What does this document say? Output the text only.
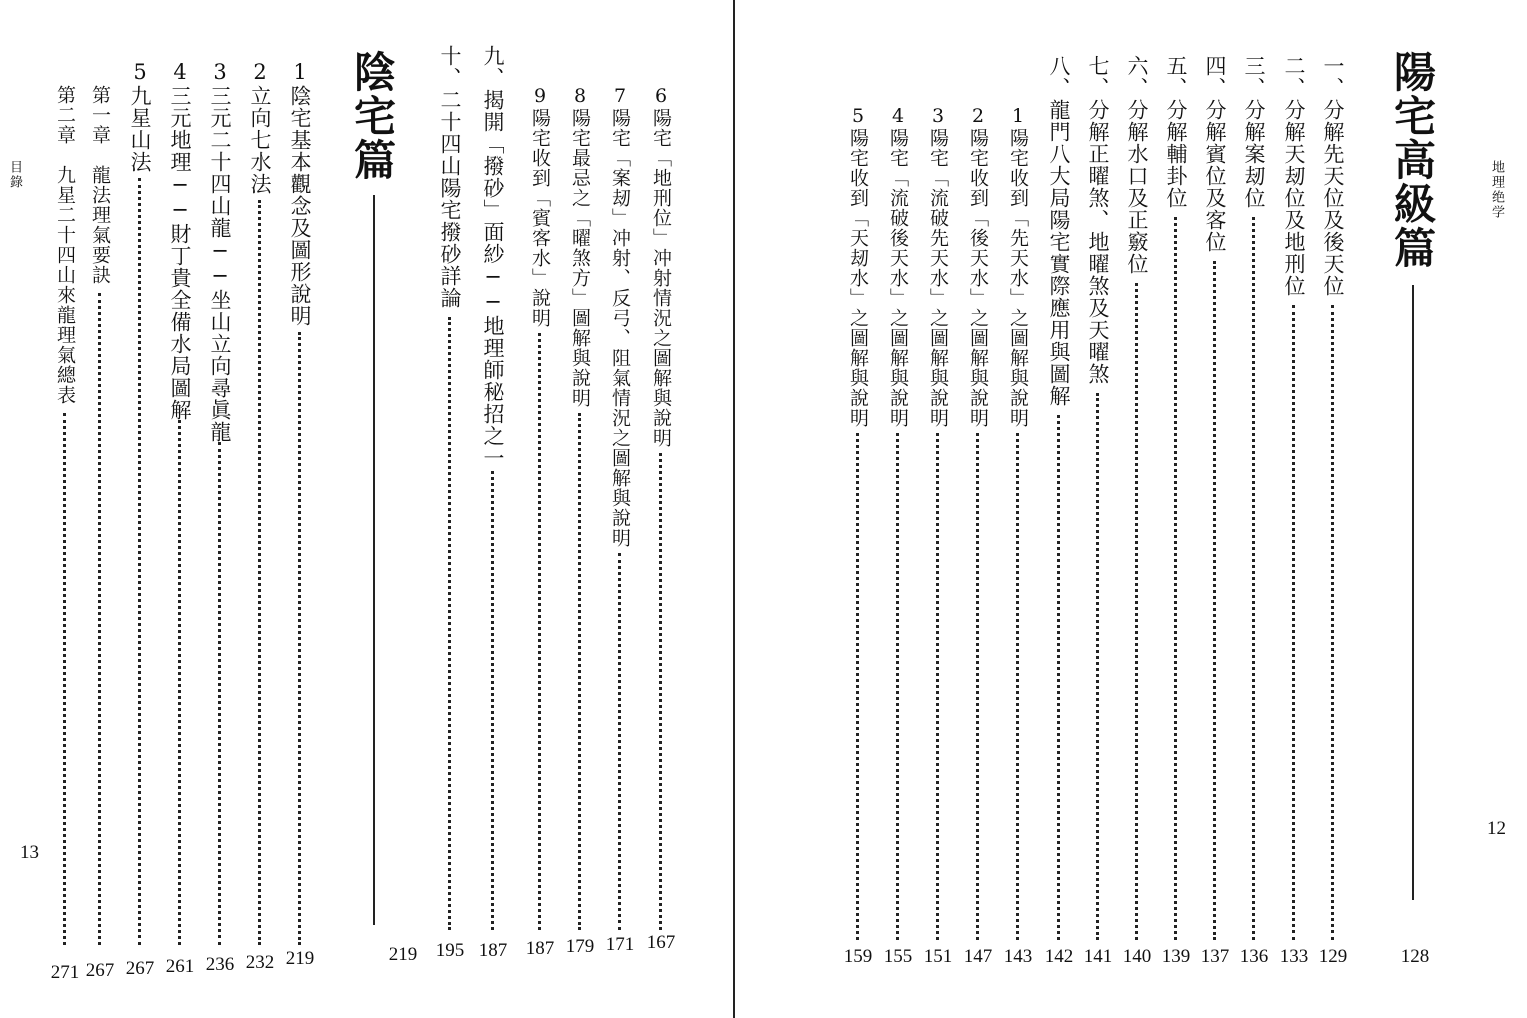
地理绝学
12
陽宅高級篇
128
一、分解先天位及後天位
129
二、分解天刼位及地刑位
133
三、分解案刼位
136
四、分解賓位及客位
137
五、分解輔卦位
139
六、分解水口及正竅位
140
七、分解正曜煞、地曜煞及天曜煞
141
八、龍門八大局陽宅實際應用與圖解
142
1陽宅收到「先天水」之圖解與說明
143
2陽宅收到「後天水」之圖解與說明
147
3陽宅「流破先天水」之圖解與說明
151
4陽宅「流破後天水」之圖解與說明
155
5陽宅收到「天刼水」之圖解與說明
159
目錄
13
陰宅篇
219
6陽宅「地刑位」冲射情況之圖解與說明
167
7陽宅「案刼」冲射、反弓、阻氣情況之圖解與說明
171
8陽宅最忌之「曜煞方」圖解與說明
179
9陽宅收到「賓客水」說明
187
九、揭開「撥砂」面紗──地理師秘招之一
187
十、二十四山陽宅撥砂詳論
195
1陰宅基本觀念及圖形說明
219
2立向七水法
232
3三元二十四山龍──坐山立向尋眞龍
236
4三元地理──財丁貴全備水局圖解
261
5九星山法
267
第一章　龍法理氣要訣
267
第二章　九星二十四山來龍理氣總表
271
